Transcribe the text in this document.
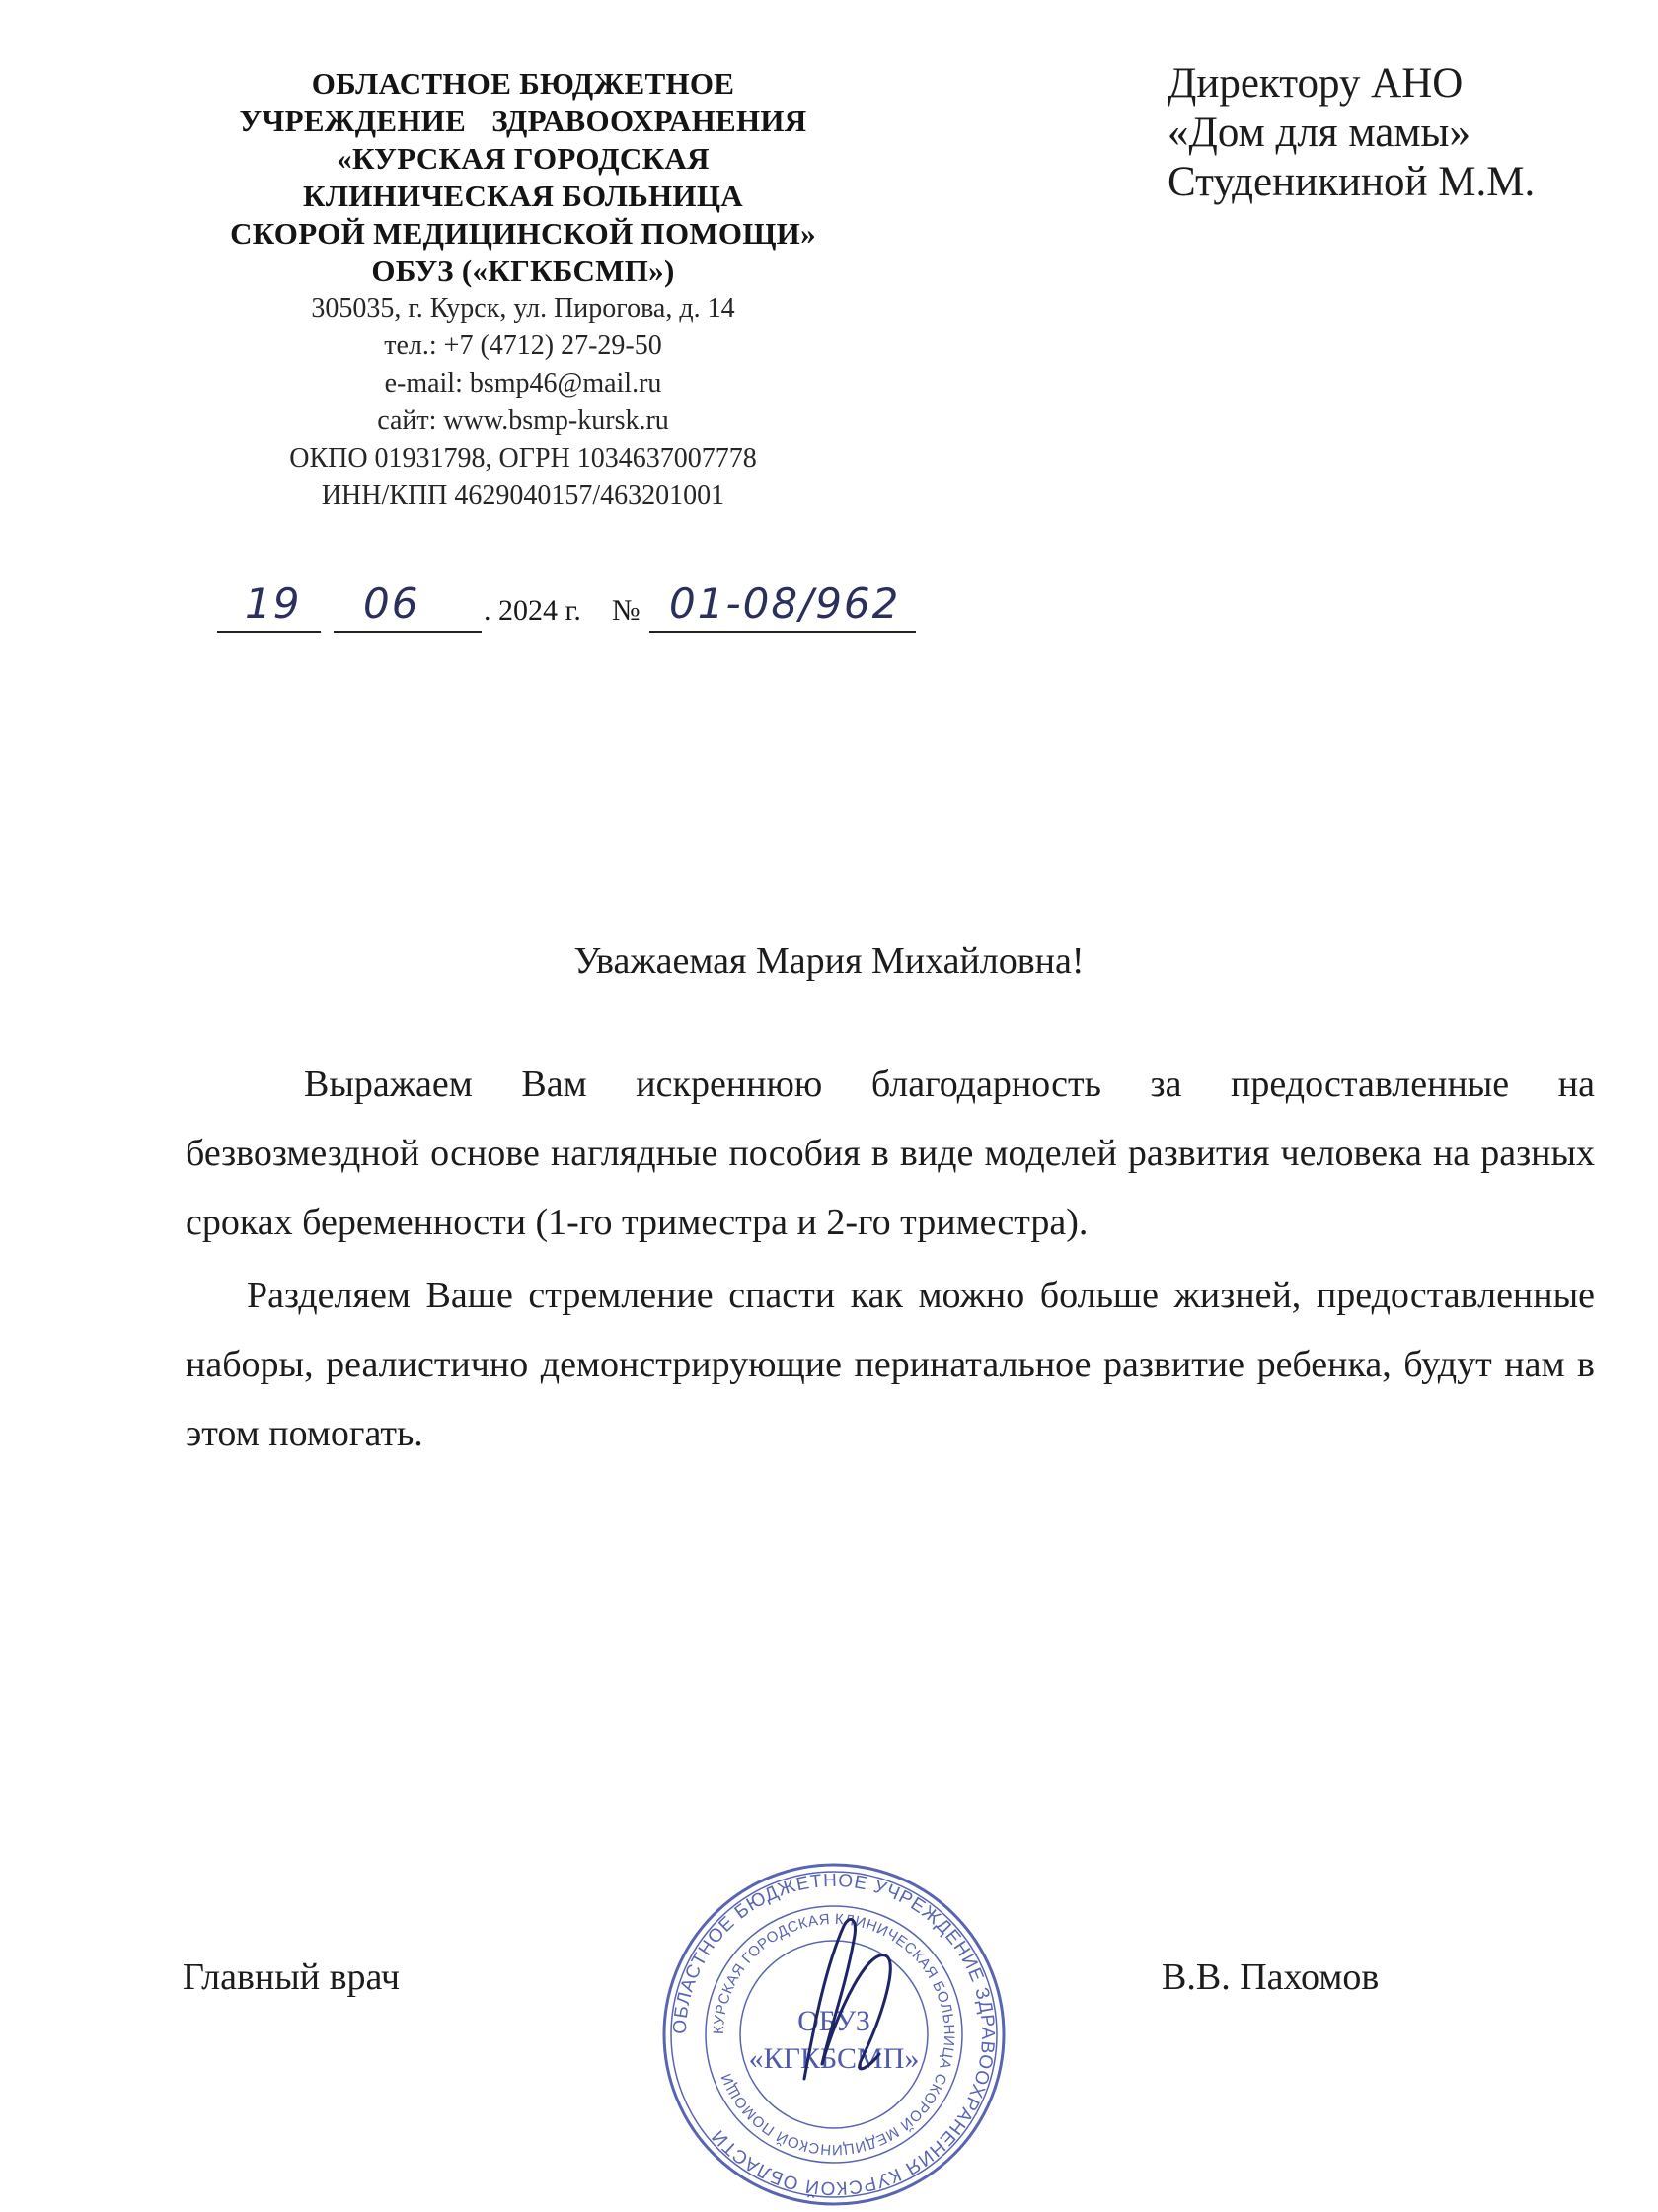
ОБЛАСТНОЕ БЮДЖЕТНОЕ
УЧРЕЖДЕНИЕ ЗДРАВООХРАНЕНИЯ
«КУРСКАЯ ГОРОДСКАЯ
КЛИНИЧЕСКАЯ БОЛЬНИЦА
СКОРОЙ МЕДИЦИНСКОЙ ПОМОЩИ»
ОБУЗ («КГКБСМП»)
305035, г. Курск, ул. Пирогова, д. 14
тел.: +7 (4712) 27-29-50
e-mail: bsmp46@mail.ru
сайт: www.bsmp-kursk.ru
ОКПО 01931798, ОГРН 1034637007778
ИНН/КПП 4629040157/463201001
Директору АНО
«Дом для мамы»
Студеникиной М.М.
19 06 . 2024 г. № 01-08/962
Уважаемая Мария Михайловна!
Выражаем Вам искреннюю благодарность за предоставленные на безвозмездной основе наглядные пособия в виде моделей развития человека на разных сроках беременности (1-го триместра и 2-го триместра).
Разделяем Ваше стремление спасти как можно больше жизней, предоставленные наборы, реалистично демонстрирующие перинатальное развитие ребенка, будут нам в этом помогать.
Главный врач
ОБЛАСТНОЕ БЮДЖЕТНОЕ УЧРЕЖДЕНИЕ ЗДРАВООХРАНЕНИЯ КУРСКОЙ ОБЛАСТИ
КУРСКАЯ ГОРОДСКАЯ КЛИНИЧЕСКАЯ БОЛЬНИЦА СКОРОЙ МЕДИЦИНСКОЙ ПОМОЩИ
ОБУЗ
«КГКБСМП»
В.В. Пахомов
